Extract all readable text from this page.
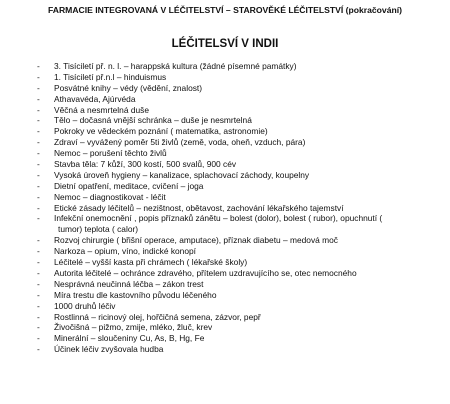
FARMACIE INTEGROVANÁ V LÉČITELSTVÍ – STAROVĚKÉ LÉČITELSTVÍ (pokračování)
LÉČITELSVÍ V INDII
- 3. Tisíciletí př. n. l. – harappská kultura (žádné písemné památky)
- 1. Tisíciletí př.n.l – hinduismus
- Posvátné knihy – védy (vědění, znalost)
- Athavavéda, Ajúrvéda
- Věčná a nesmrtelná duše
- Tělo – dočasná vnější schránka – duše je nesmrtelná
- Pokroky ve vědeckém poznání ( matematika, astronomie)
- Zdraví – vyvážený poměr 5ti živlů (země, voda, oheň, vzduch, pára)
- Nemoc – porušení těchto živlů
- Stavba těla: 7 kůží, 300 kostí, 500 svalů, 900 cév
- Vysoká úroveň hygieny – kanalizace, splachovací záchody, koupelny
- Dietní opatření, meditace, cvičení – joga
- Nemoc – diagnostikovat - léčit
- Etické zásady léčitelů – nezištnost, obětavost, zachování lékařského tajemství
- Infekční onemocnění , popis příznaků zánětu – bolest (dolor), bolest ( rubor), opuchnutí (
tumor) teplota ( calor)
- Rozvoj chirurgie ( břišní operace, amputace), příznak diabetu – medová moč
- Narkoza – opium, víno, indické konopí
- Léčitelé – vyšší kasta při chrámech ( lékařské školy)
- Autorita léčitelé – ochránce zdravého, přítelem uzdravujícího se, otec nemocného
- Nesprávná neučinná léčba – zákon trest
- Míra trestu dle kastovního původu léčeného
- 1000 druhů léčiv
- Rostlinná – ricinový olej, hořčičná semena, zázvor, pepř
- Živočišná – pižmo, zmije, mléko, žluč, krev
- Minerální – sloučeniny Cu, As, B, Hg, Fe
- Účinek léčiv zvyšovala hudba
